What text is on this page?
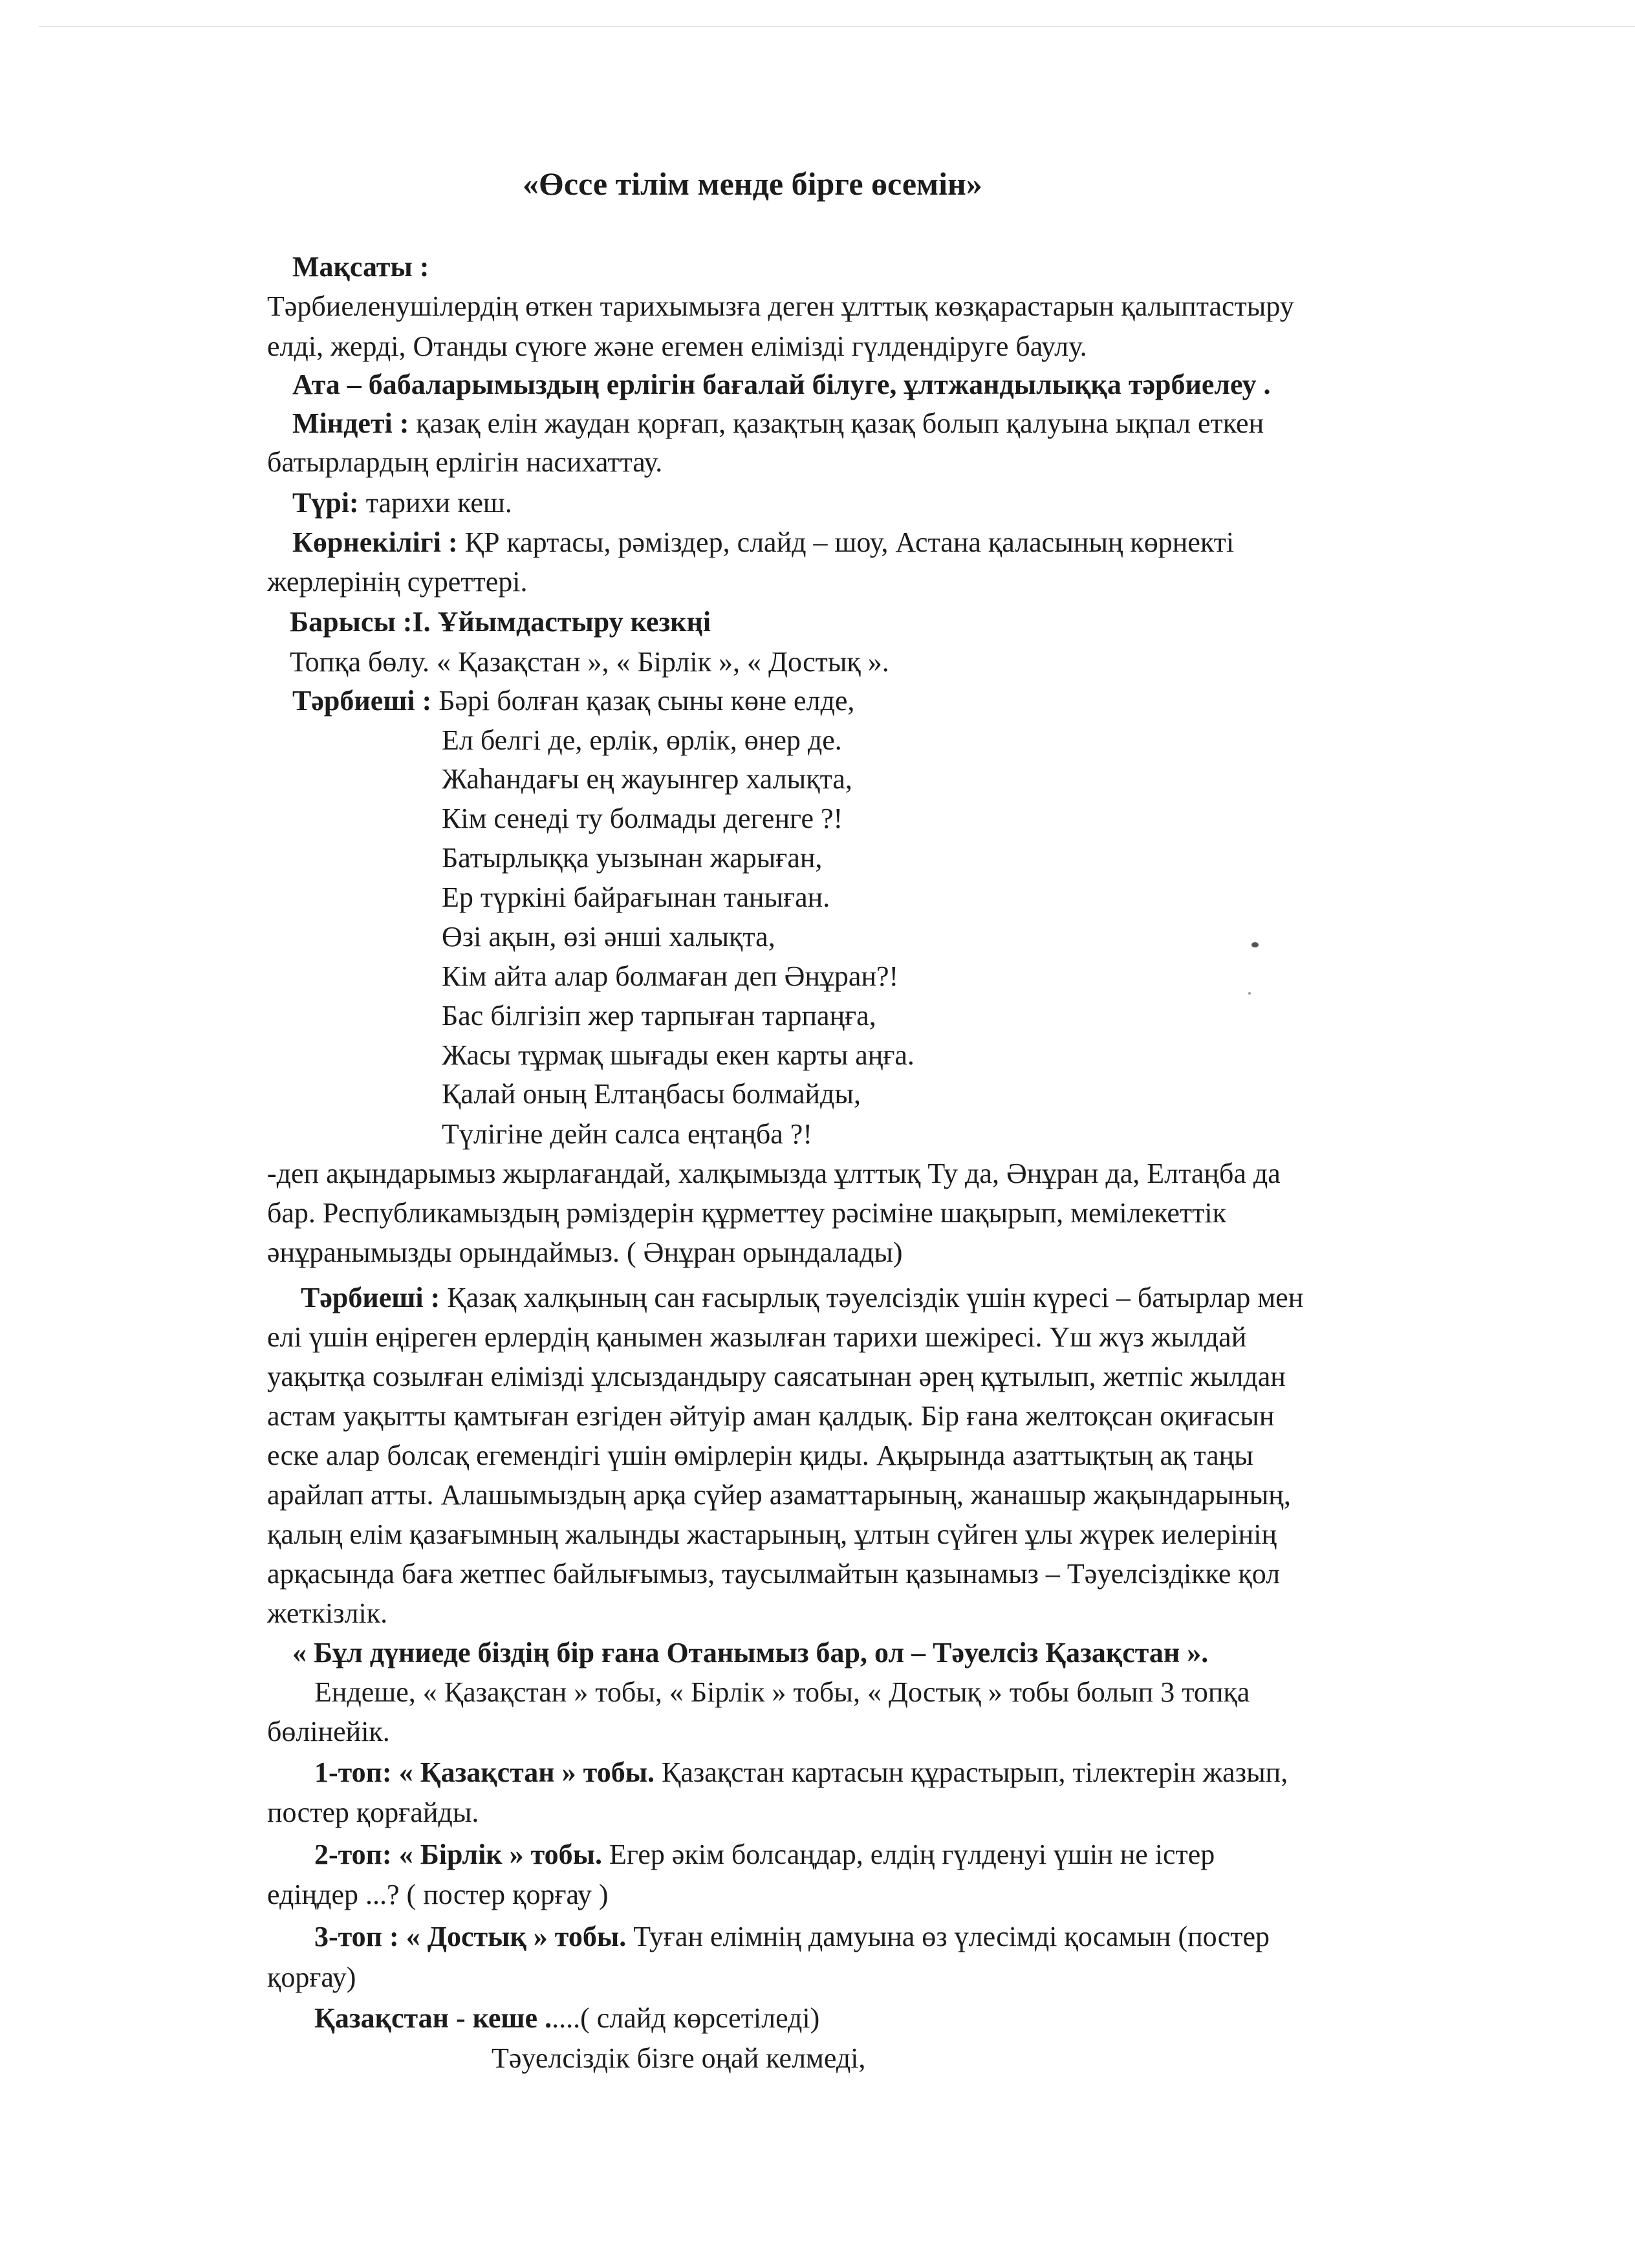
«Өссе тілім менде бірге өсемін»
Мақсаты :
Тәрбиеленушілердің өткен тарихымызға деген ұлттық көзқарастарын қалыптастыру
елді, жерді, Отанды сүюге және егемен елімізді гүлдендіруге баулу.
Ата – бабаларымыздың ерлігін бағалай білуге, ұлтжандылыққа тәрбиелеу .
Міндеті : қазақ елін жаудан қорғап, қазақтың қазақ болып қалуына ықпал еткен
батырлардың ерлігін насихаттау.
Түрі: тарихи кеш.
Көрнекілігі : ҚР картасы, рәміздер, слайд – шоу, Астана қаласының көрнекті
жерлерінің суреттері.
Барысы :І. Ұйымдастыру кезкңі
Топқа бөлу. « Қазақстан », « Бірлік », « Достық ».
Тәрбиеші : Бәрі болған қазақ сыны көне елде,
Ел белгі де, ерлік, өрлік, өнер де.
Жаһандағы ең жауынгер халықта,
Кім сенеді ту болмады дегенге ?!
Батырлыққа уызынан жарыған,
Ер түркіні байрағынан таныған.
Өзі ақын, өзі әнші халықта,
Кім айта алар болмаған деп Әнұран?!
Бас білгізіп жер тарпыған тарпаңға,
Жасы тұрмақ шығады екен карты аңға.
Қалай оның Елтаңбасы болмайды,
Түлігіне дейн салса еңтаңба ?!
-деп ақындарымыз жырлағандай, халқымызда ұлттық Ту да, Әнұран да, Елтаңба да
бар. Республикамыздың рәміздерін құрметтеу рәсіміне шақырып, мемілекеттік
әнұранымызды орындаймыз. ( Әнұран орындалады)
Тәрбиеші : Қазақ халқының сан ғасырлық тәуелсіздік үшін күресі – батырлар мен
елі үшін еңіреген ерлердің қанымен жазылған тарихи шежіресі. Үш жүз жылдай
уақытқа созылған елімізді ұлсыздандыру саясатынан әрең құтылып, жетпіс жылдан
астам уақытты қамтыған езгіден әйтуір аман қалдық. Бір ғана желтоқсан оқиғасын
еске алар болсақ егемендігі үшін өмірлерін қиды. Ақырында азаттықтың ақ таңы
арайлап атты. Алашымыздың арқа сүйер азаматтарының, жанашыр жақындарының,
қалың елім қазағымның жалынды жастарының, ұлтын сүйген ұлы жүрек иелерінің
арқасында баға жетпес байлығымыз, таусылмайтын қазынамыз – Тәуелсіздікке қол
жеткізлік.
« Бұл дүниеде біздің бір ғана Отанымыз бар, ол – Тәуелсіз Қазақстан ».
Ендеше, « Қазақстан » тобы, « Бірлік » тобы, « Достық » тобы болып 3 топқа
бөлінейік.
1-топ: « Қазақстан » тобы. Қазақстан картасын құрастырып, тілектерін жазып,
постер қорғайды.
2-топ: « Бірлік » тобы. Егер әкім болсаңдар, елдің гүлденуі үшін не істер
едіңдер ...? ( постер қорғау )
3-топ : « Достық » тобы. Туған елімнің дамуына өз үлесімді қосамын (постер
қорғау)
Қазақстан - кеше .....( слайд көрсетіледі)
Тәуелсіздік бізге оңай келмеді,
